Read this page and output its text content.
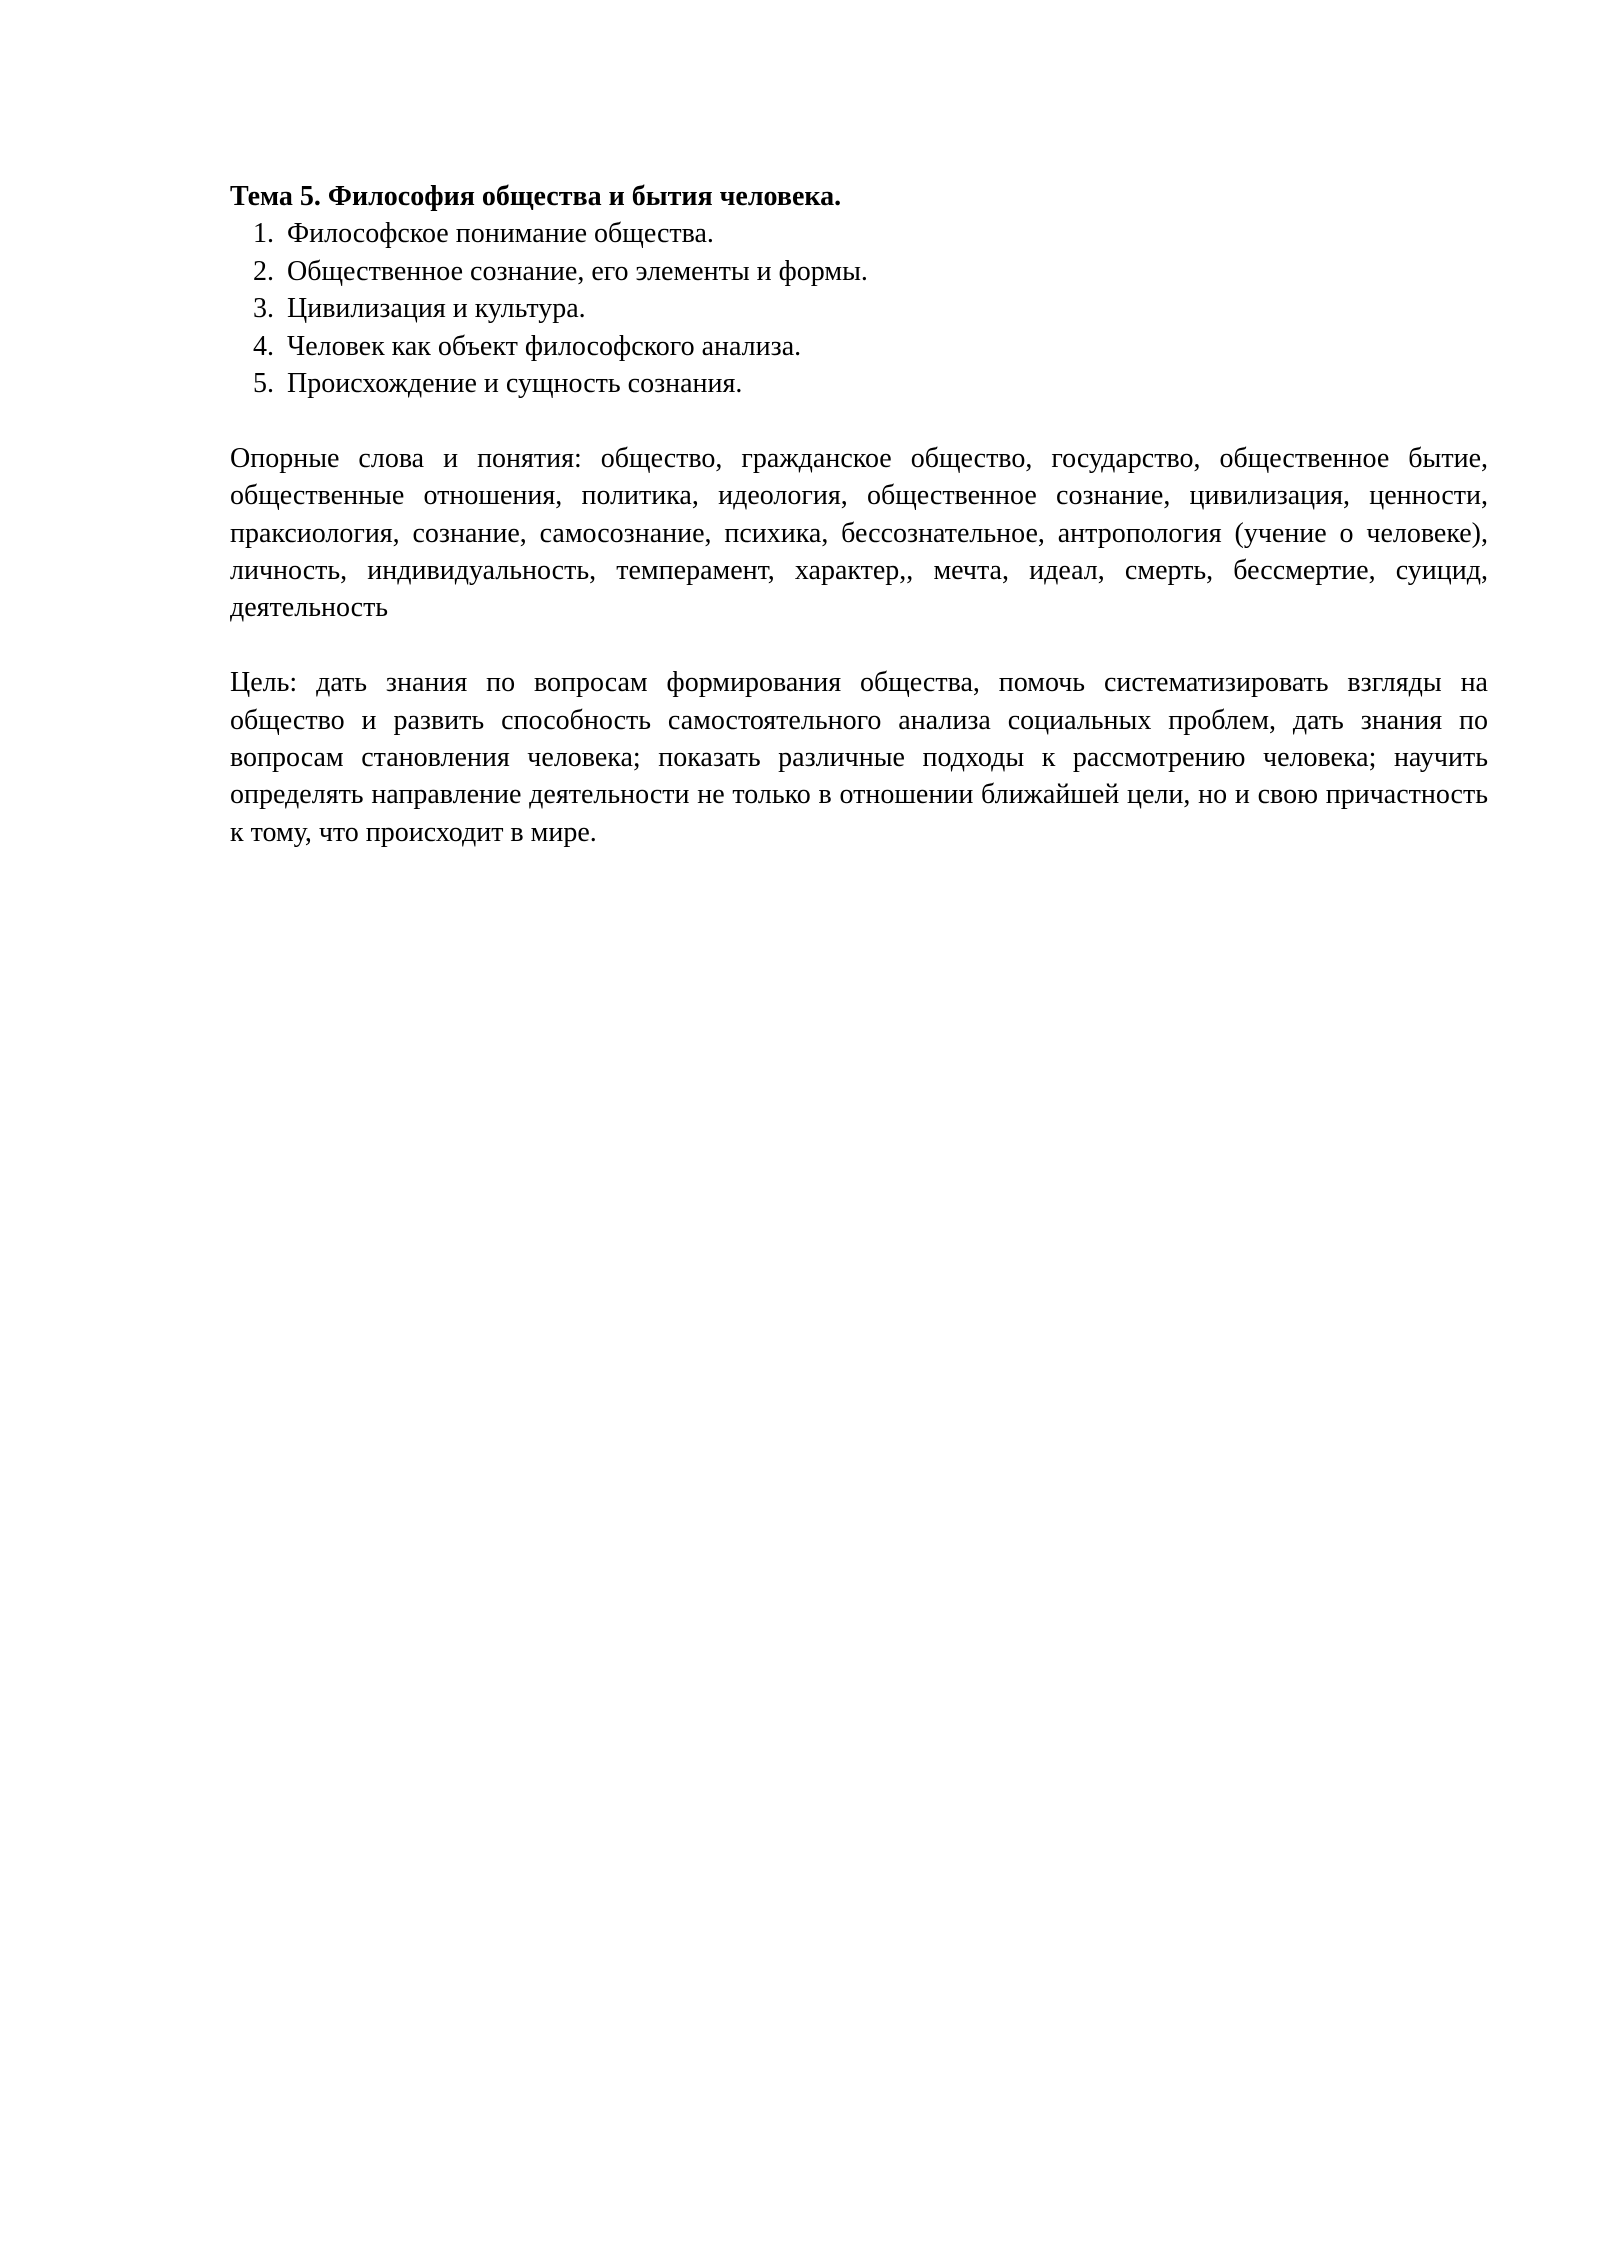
Тема 5. Философия общества и бытия человека.
1. Философское понимание общества.
2. Общественное сознание, его элементы и формы.
3. Цивилизация и культура.
4. Человек как объект философского анализа.
5. Происхождение и сущность сознания.

Опорные слова и понятия: общество, гражданское общество, государство, общественное бытие, общественные отношения, политика, идеология, общественное сознание, цивилизация, ценности, праксиология, сознание, самосознание, психика, бессознательное, антропология (учение о человеке), личность, индивидуальность, темперамент, характер,, мечта, идеал, смерть, бессмертие, суицид, деятельность

Цель: дать знания по вопросам формирования общества, помочь систематизировать взгляды на общество и развить способность самостоятельного анализа социальных проблем, дать знания по вопросам становления человека; показать различные подходы к рассмотрению человека; научить определять направление деятельности не только в отношении ближайшей цели, но и свою причастность к тому, что происходит в мире.
